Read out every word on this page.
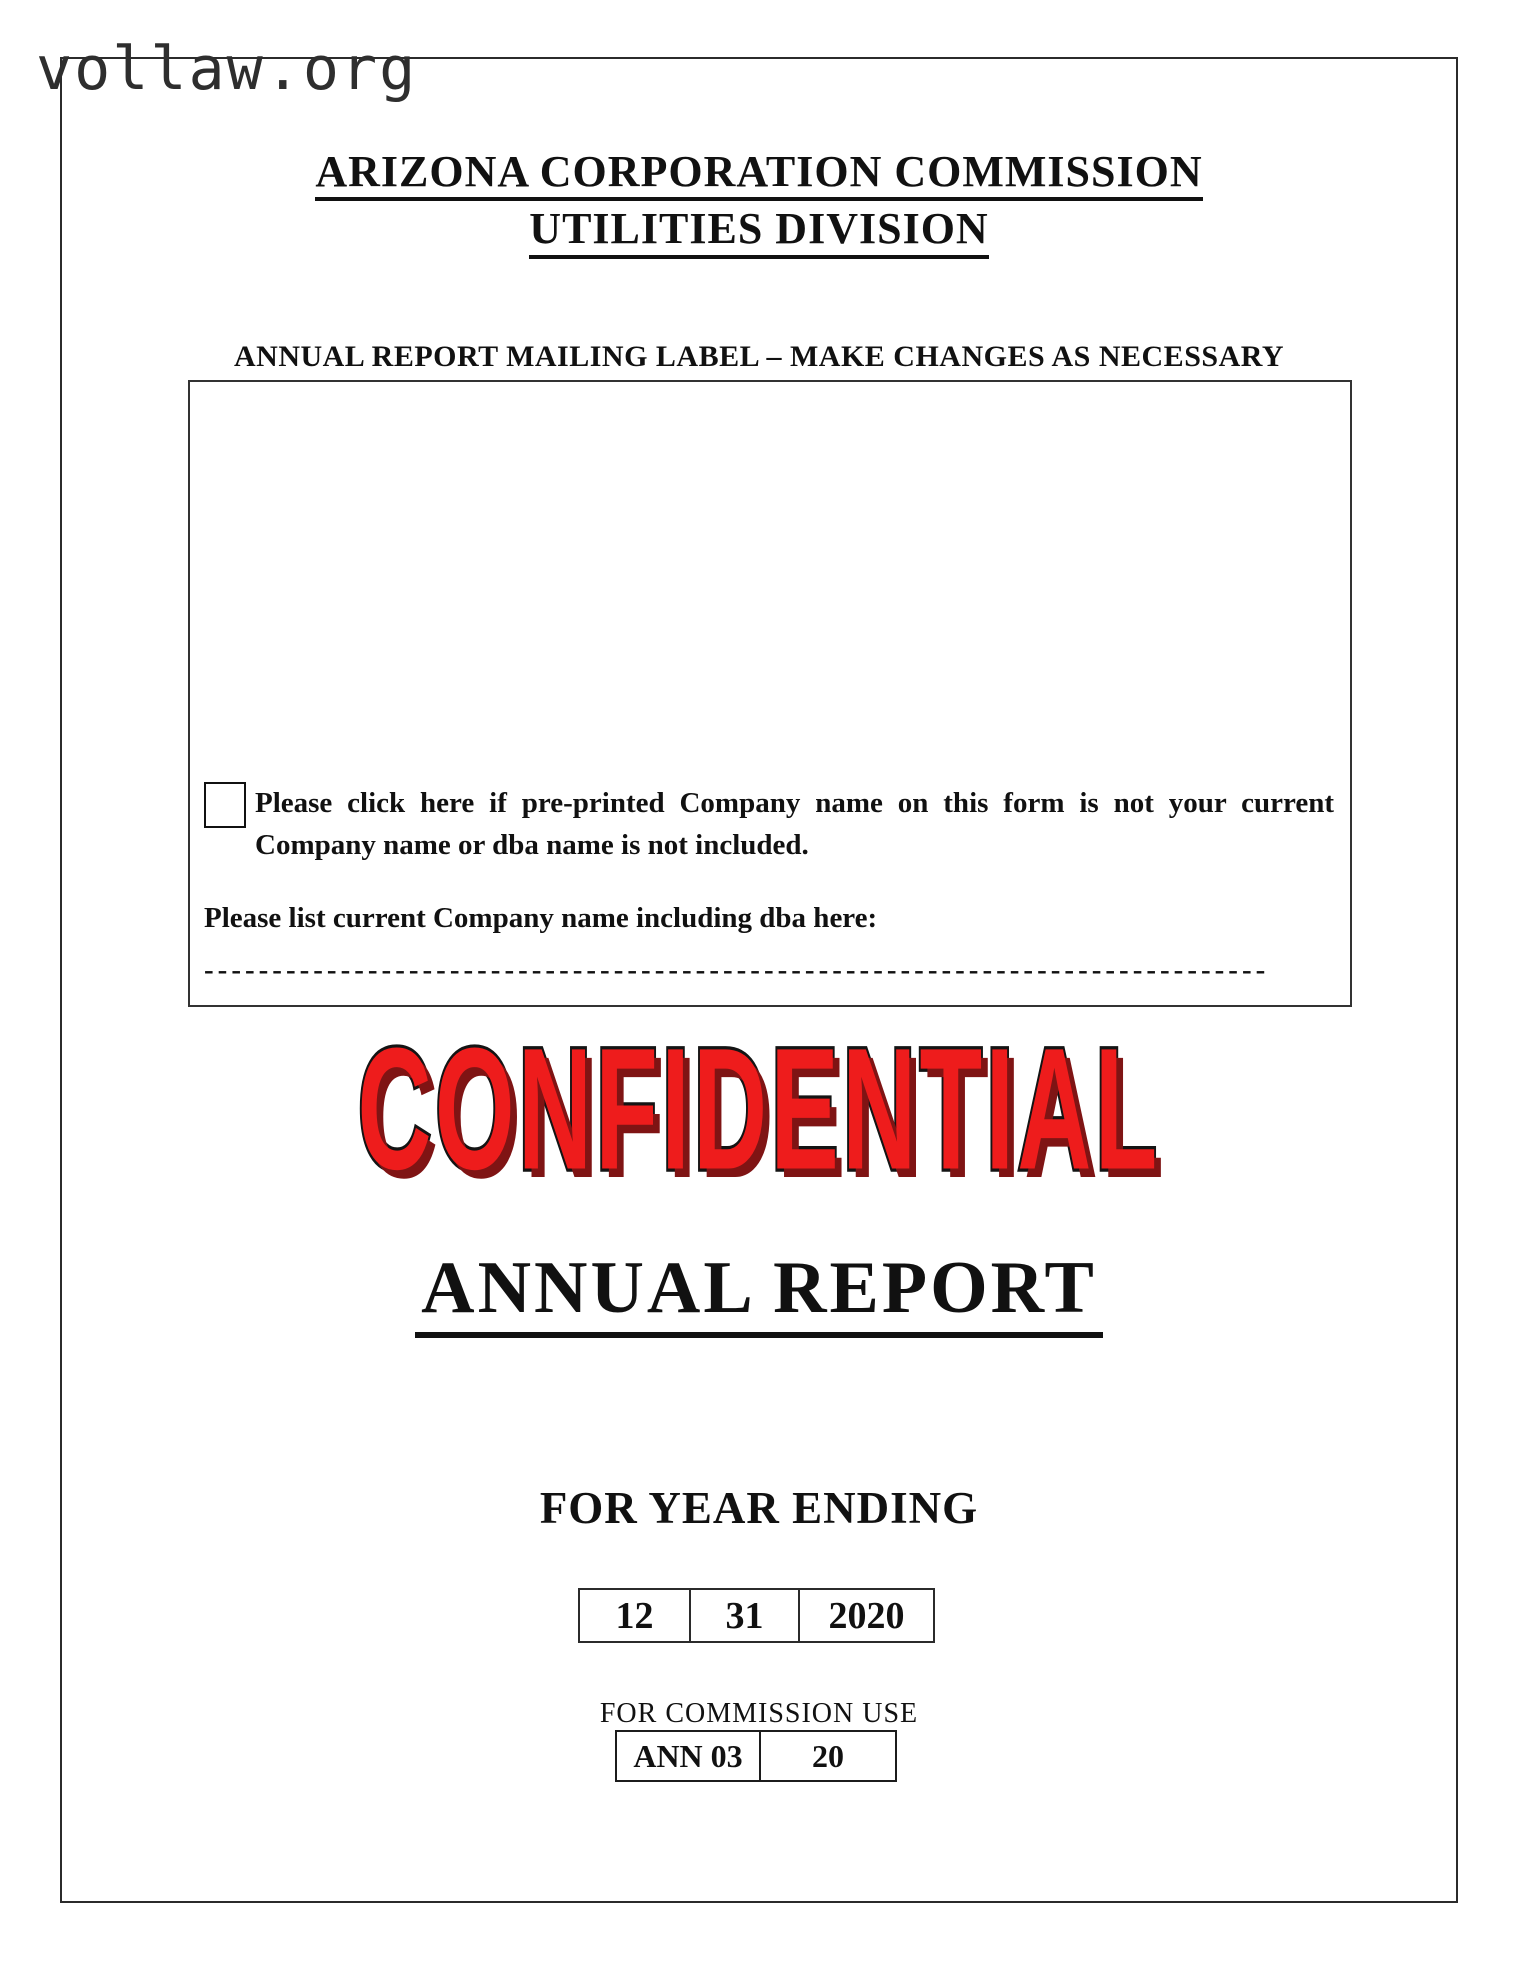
vollaw.org
ARIZONA CORPORATION COMMISSION
UTILITIES DIVISION
ANNUAL REPORT MAILING LABEL – MAKE CHANGES AS NECESSARY
Please click here if pre-printed Company name on this form is not your current Company name or dba name is not included.
Please list current Company name including dba here:
------------------------------------------------------------------------------
CONFIDENTIAL
ANNUAL REPORT
FOR YEAR ENDING
12	31	2020
FOR COMMISSION USE
ANN 03	20
